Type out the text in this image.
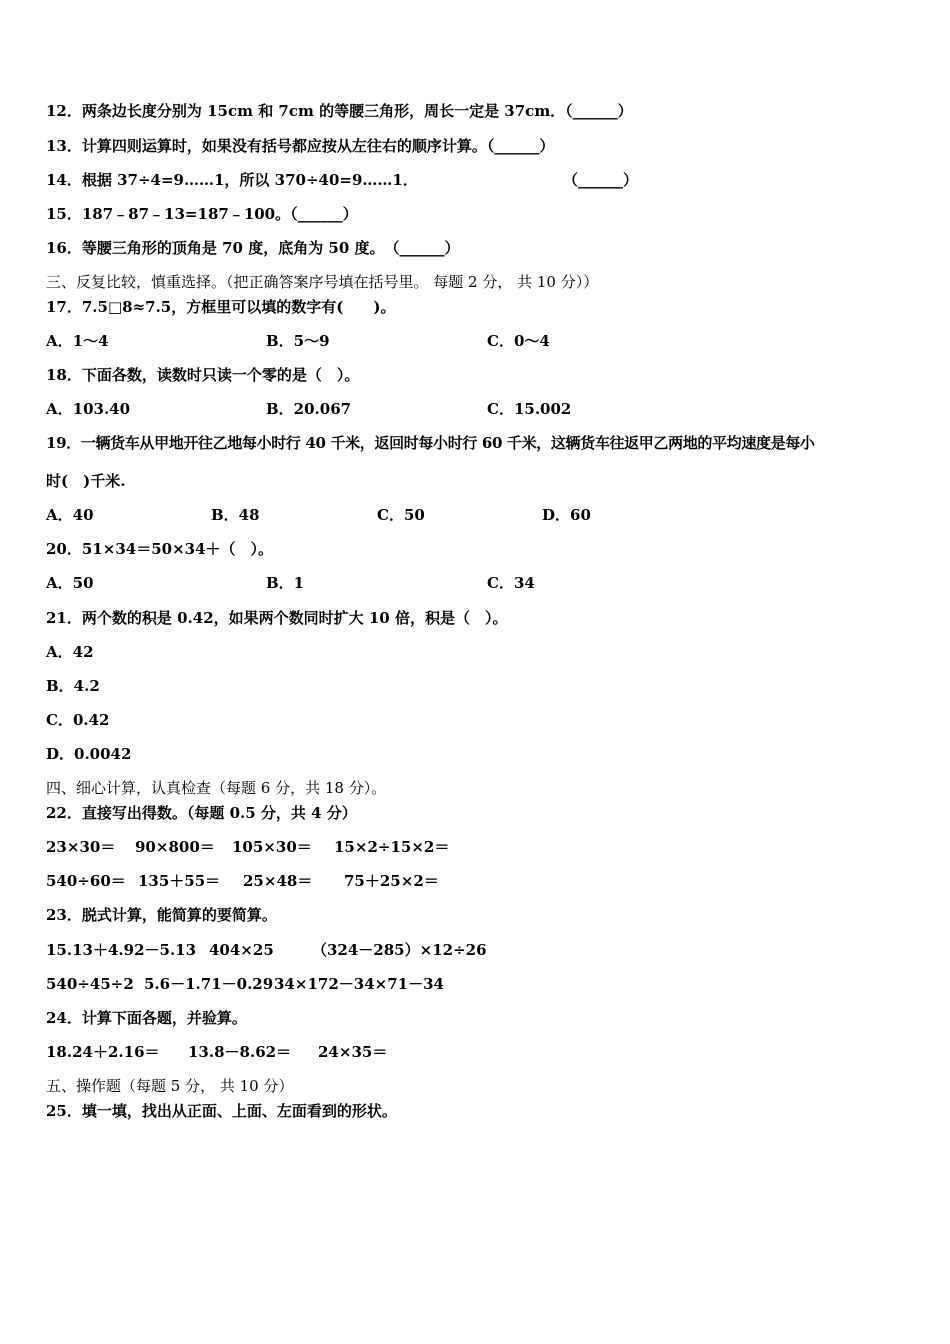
12．两条边长度分别为 15cm 和 7cm 的等腰三角形，周长一定是 37cm．（______）
13．计算四则运算时，如果没有括号都应按从左往右的顺序计算。（______）
14．根据 37÷4=9……1，所以 370÷40=9……1．	（______）
15．187﹣87﹣13=187﹣100。（______）
16．等腰三角形的顶角是 70 度，底角为 50 度。　（______）
三、反复比较，慎重选择。（把正确答案序号填在括号里。 每题 2 分， 共 10 分））
17．7.5□8≈7.5，方框里可以填的数字有(　　)。
A．1～4	B．5～9	C．0～4
18．下面各数，读数时只读一个零的是（　）。
A．103.40	B．20.067	C．15.002
19．一辆货车从甲地开往乙地每小时行 40 千米，返回时每小时行 60 千米，这辆货车往返甲乙两地的平均速度是每小
时(　)千米.
A．40	B．48	C．50	D．60
20．51×34＝50×34＋（　）。
A．50	B．1	C．34
21．两个数的积是 0.42，如果两个数同时扩大 10 倍，积是（　）。
A．42
B．4.2
C．0.42
D．0.0042
四、细心计算，认真检查（每题 6 分，共 18 分）。
22．直接写出得数。（每题 0.5 分，共 4 分）
23×30＝ 90×800＝ 105×30＝ 15×2÷15×2＝
540÷60＝ 135＋55＝ 25×48＝ 75＋25×2＝
23．脱式计算，能简算的要简算。
15.13＋4.92－5.13 404×25	（324－285）×12÷26
540÷45÷2 5.6－1.71－0.29 34×172－34×71－34
24．计算下面各题，并验算。
18.24＋2.16＝ 13.8－8.62＝ 24×35＝
五、操作题（每题 5 分， 共 10 分）
25．填一填，找出从正面、上面、左面看到的形状。
